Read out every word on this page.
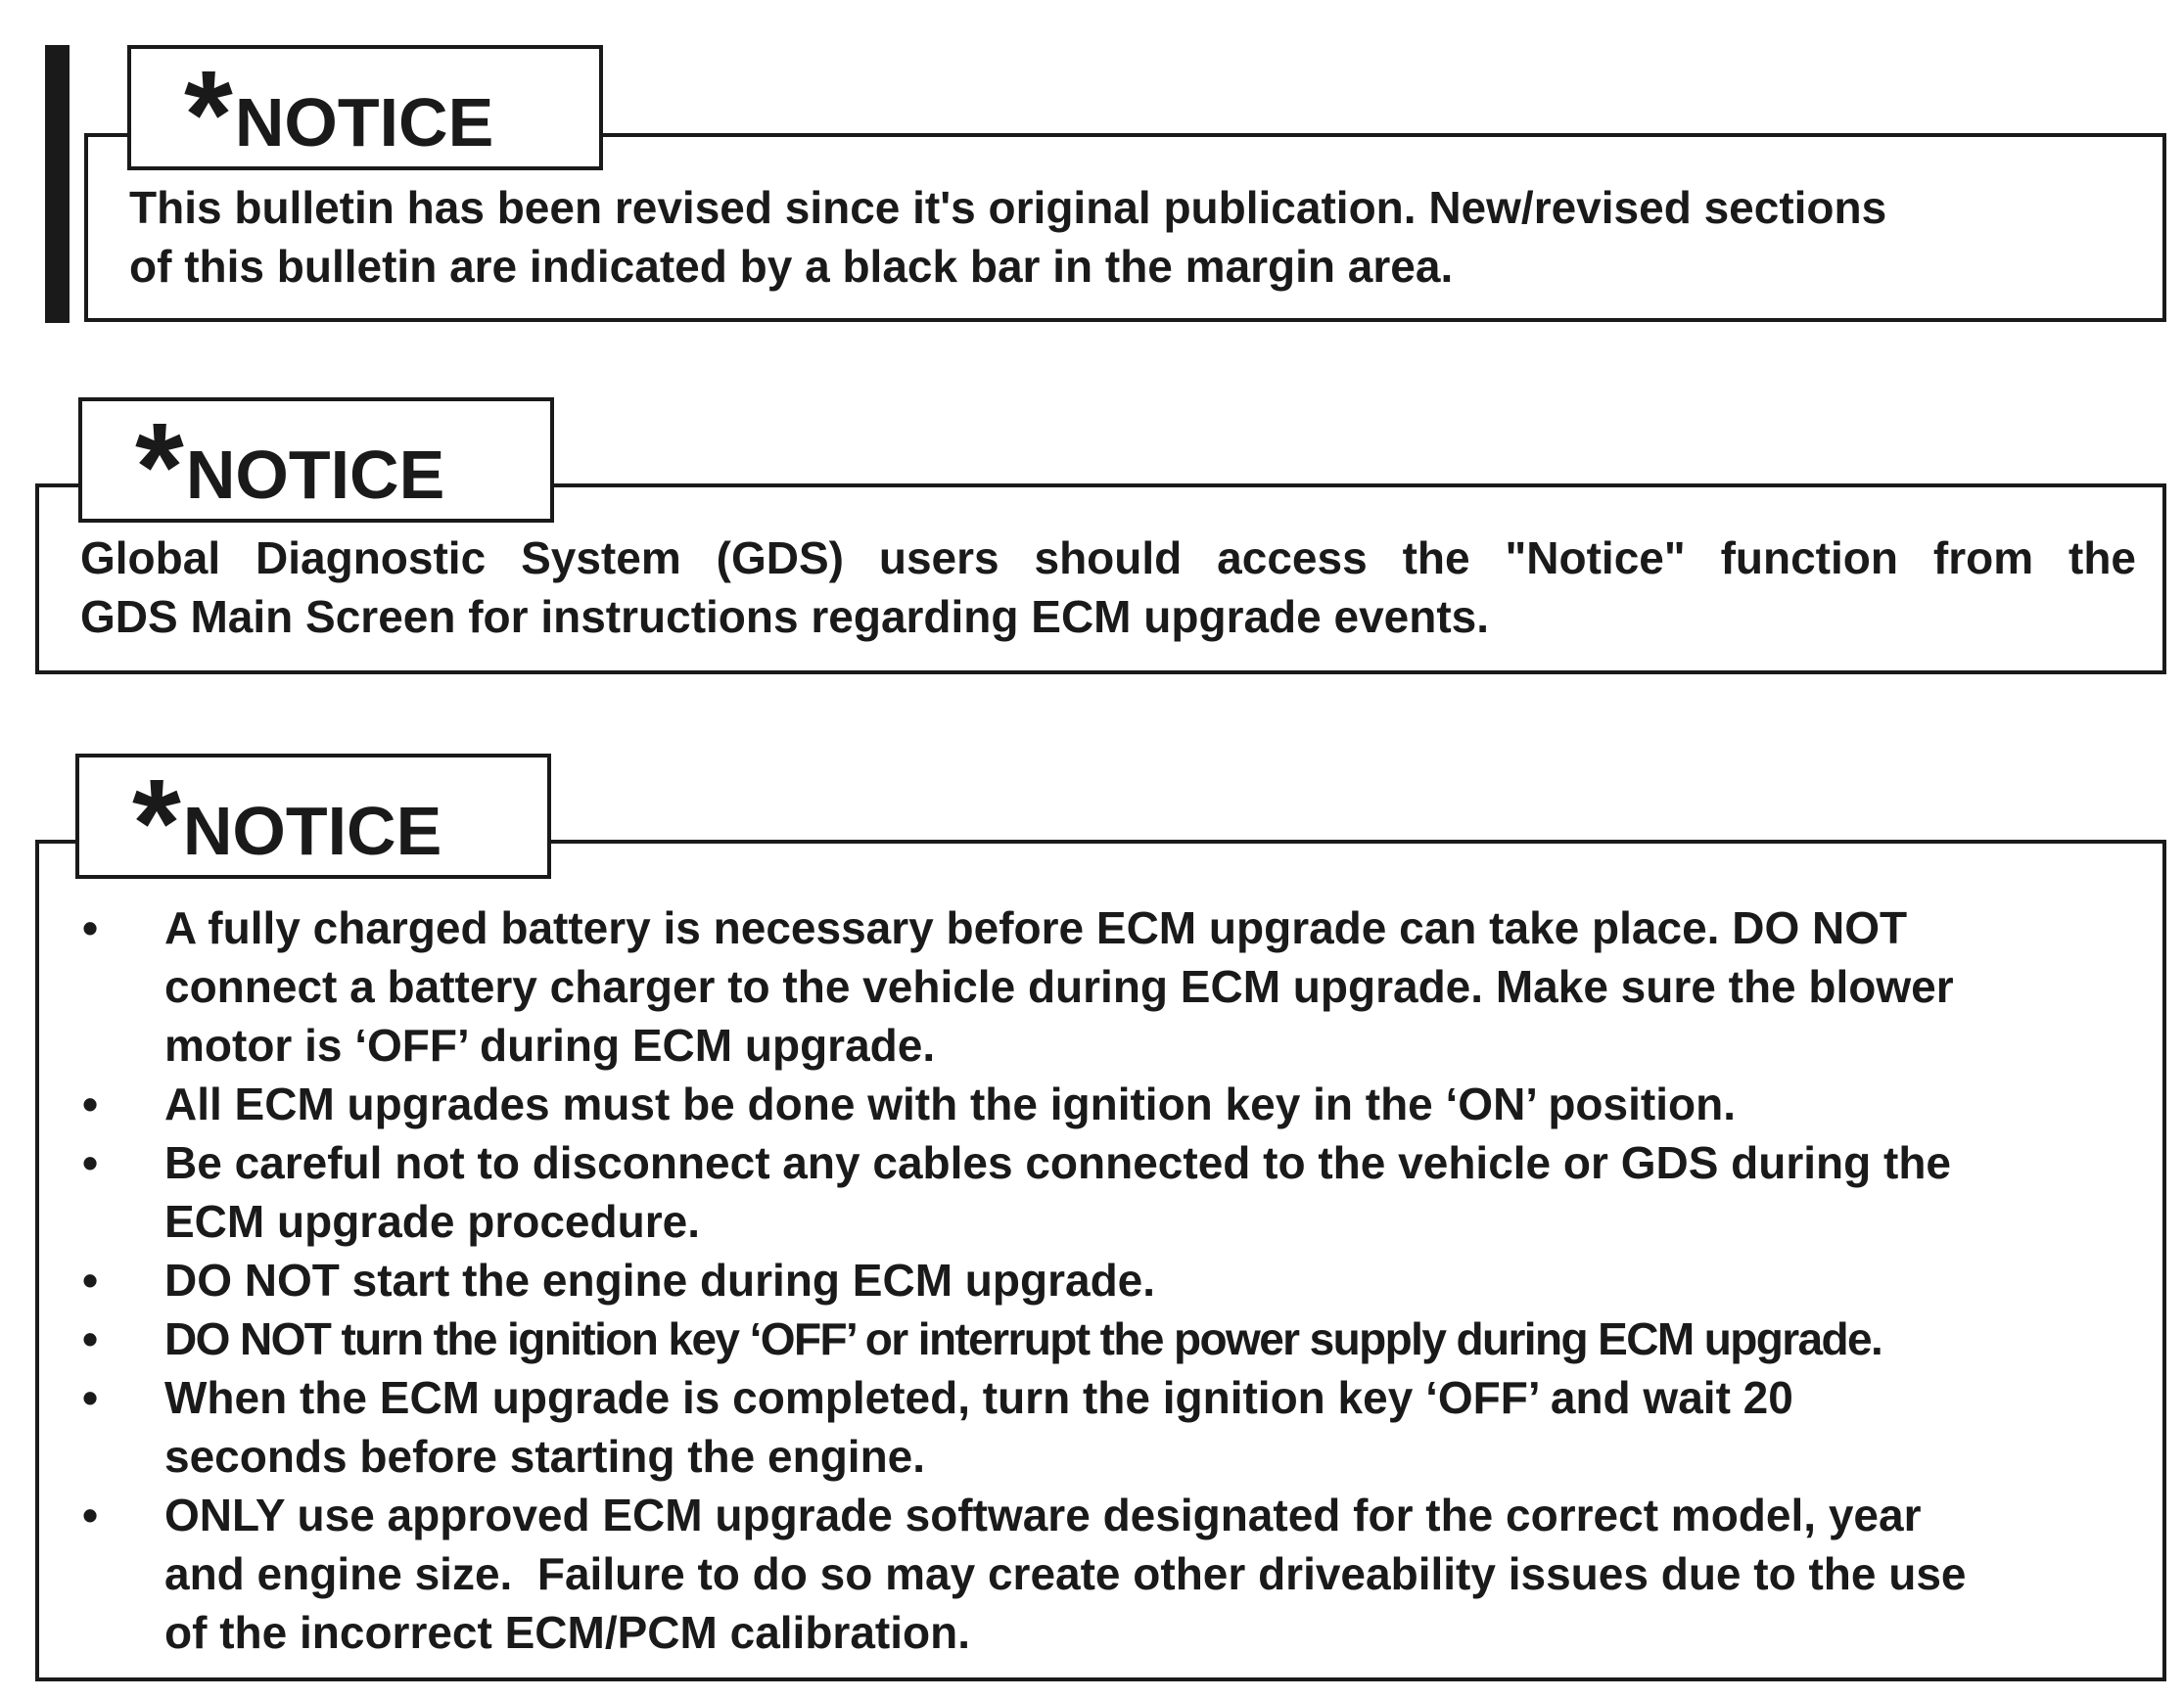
* NOTICE
This bulletin has been revised since it's original publication. New/revised sections
of this bulletin are indicated by a black bar in the margin area.
* NOTICE
Global Diagnostic System (GDS) users should access the "Notice" function from the
GDS Main Screen for instructions regarding ECM upgrade events.
* NOTICE
• A fully charged battery is necessary before ECM upgrade can take place. DO NOT
connect a battery charger to the vehicle during ECM upgrade. Make sure the blower
motor is ‘OFF’ during ECM upgrade.
• All ECM upgrades must be done with the ignition key in the ‘ON’ position.
• Be careful not to disconnect any cables connected to the vehicle or GDS during the
ECM upgrade procedure.
• DO NOT start the engine during ECM upgrade.
• DO NOT turn the ignition key ‘OFF’ or interrupt the power supply during ECM upgrade.
• When the ECM upgrade is completed, turn the ignition key ‘OFF’ and wait 20
seconds before starting the engine.
• ONLY use approved ECM upgrade software designated for the correct model, year
and engine size.  Failure to do so may create other driveability issues due to the use
of the incorrect ECM/PCM calibration.
